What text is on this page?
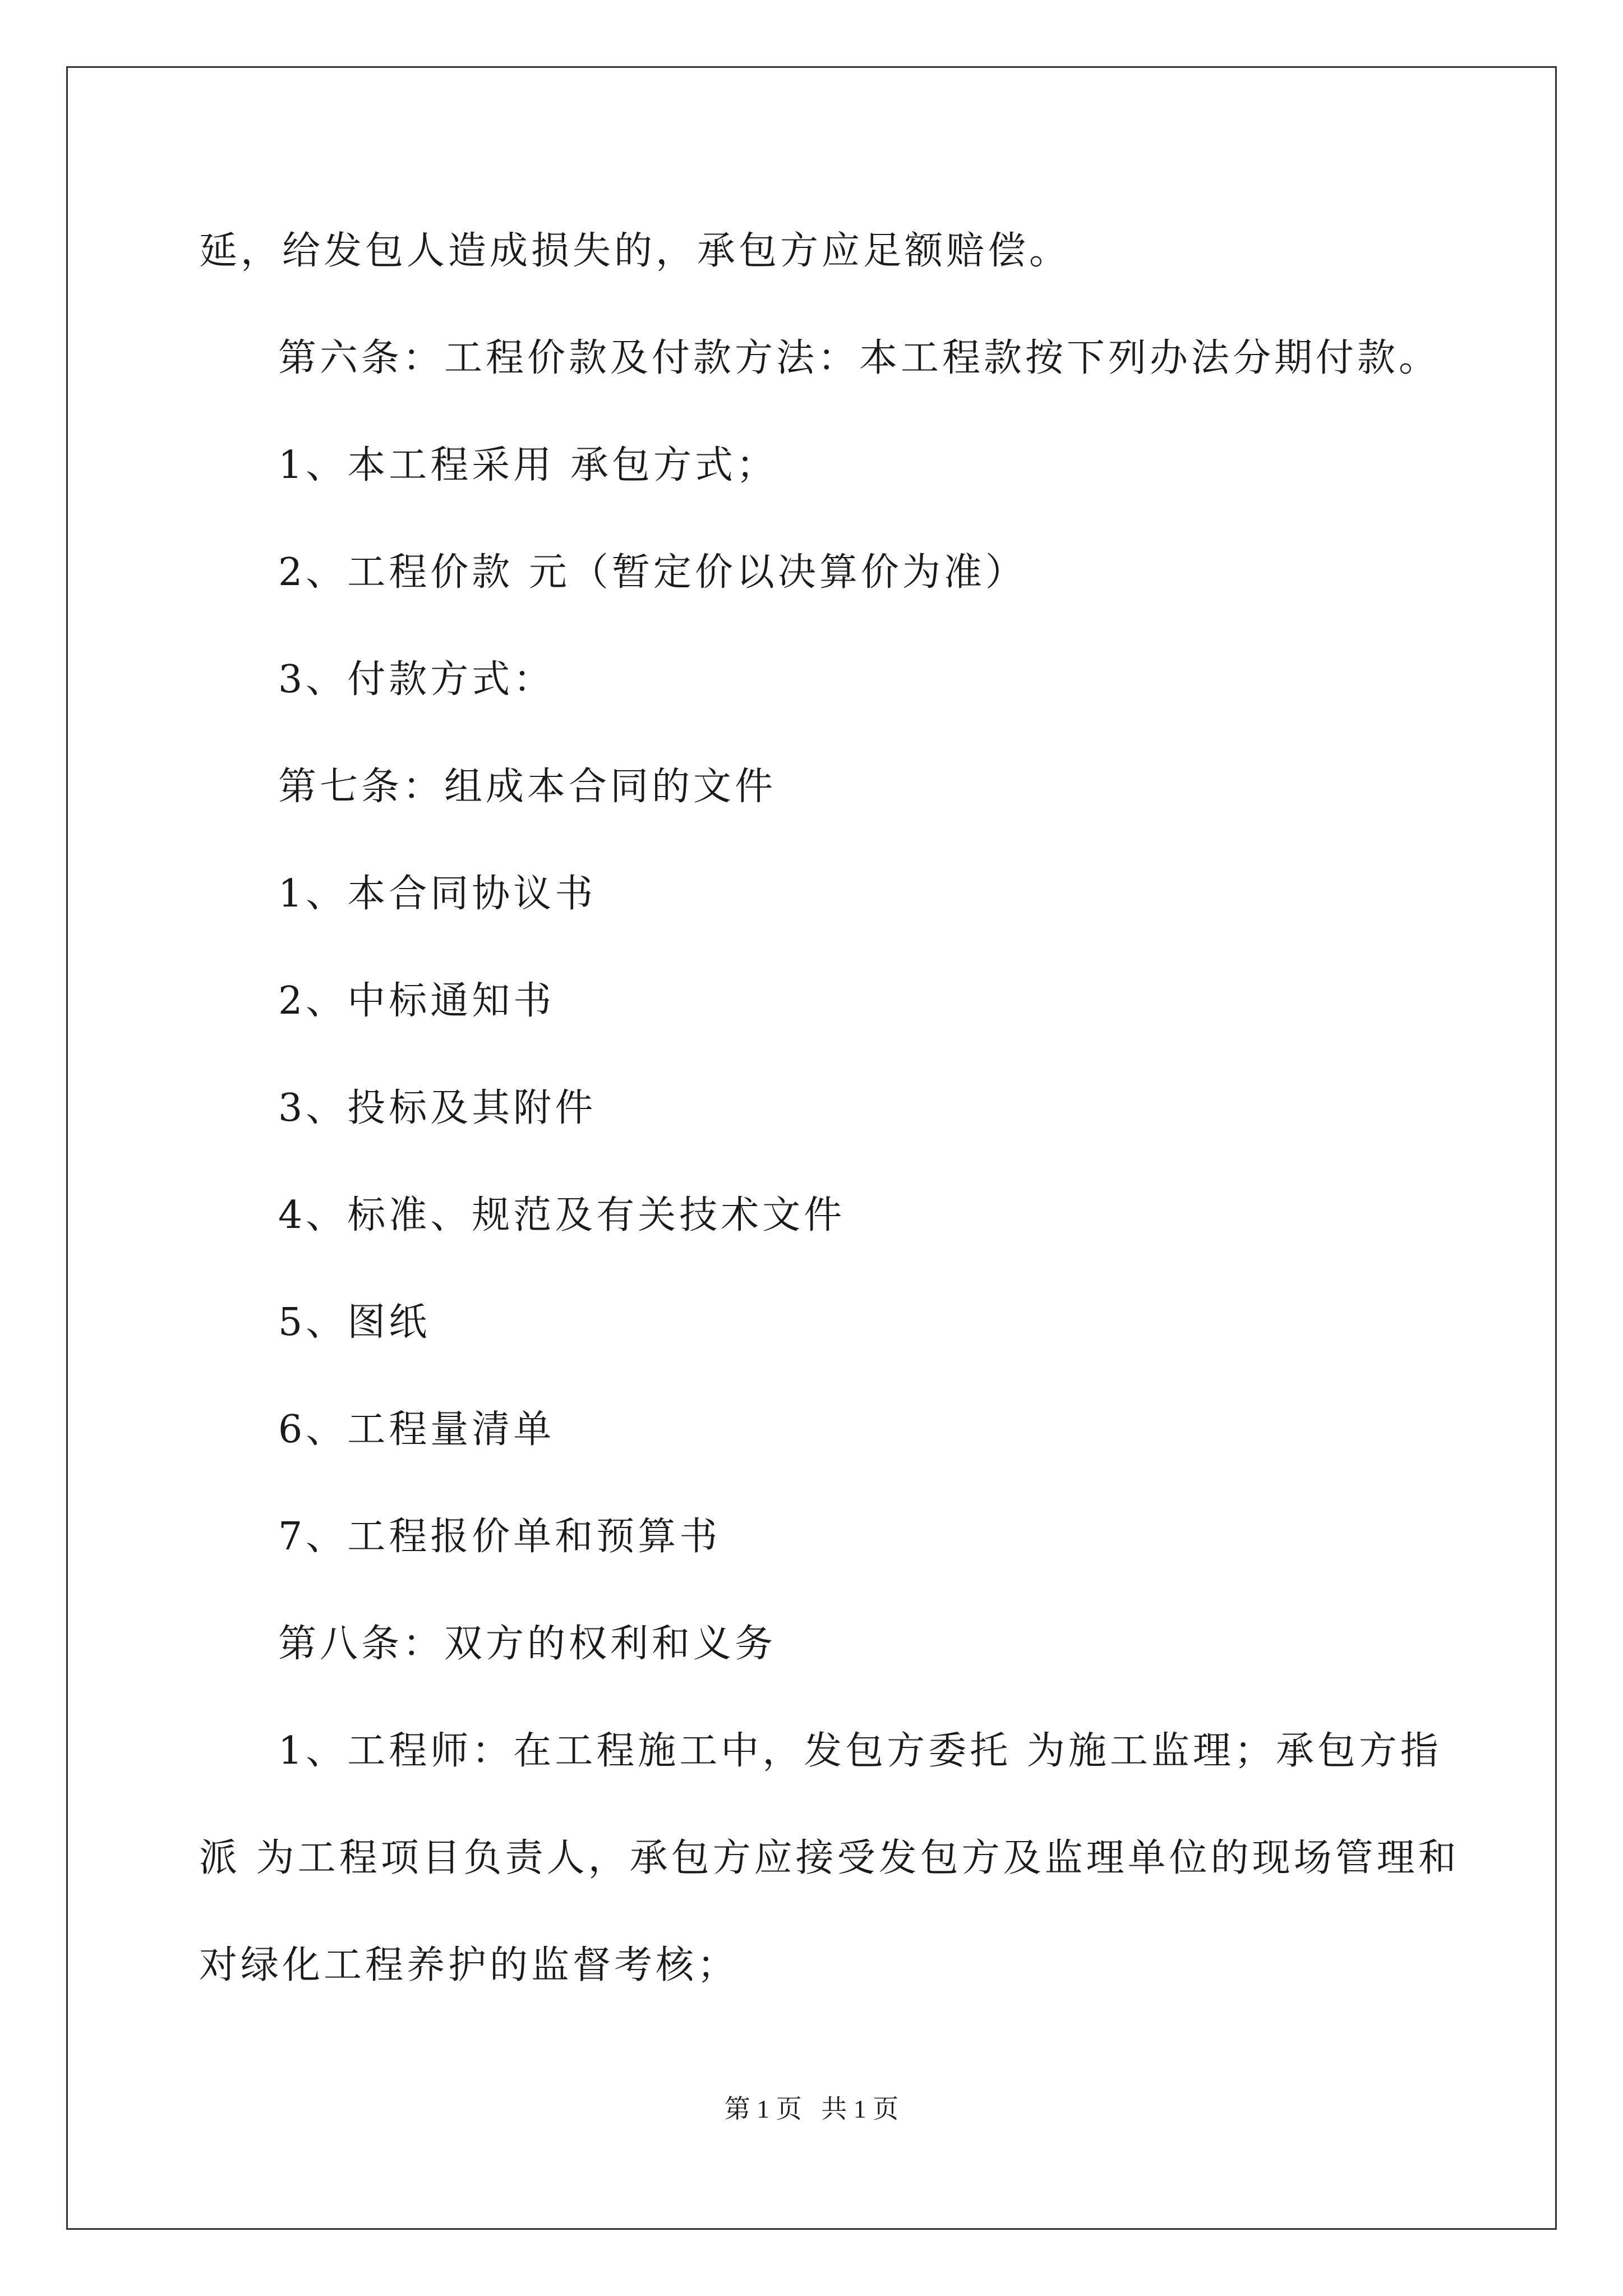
延，给发包人造成损失的，承包方应足额赔偿。
第六条：工程价款及付款方法：本工程款按下列办法分期付款。
1、本工程采用 承包方式；
2、工程价款 元（暂定价以决算价为准）
3、付款方式：
第七条：组成本合同的文件
1、本合同协议书
2、中标通知书
3、投标及其附件
4、标准、规范及有关技术文件
5、图纸
6、工程量清单
7、工程报价单和预算书
第八条：双方的权利和义务
1、工程师：在工程施工中，发包方委托 为施工监理；承包方指
派 为工程项目负责人，承包方应接受发包方及监理单位的现场管理和
对绿化工程养护的监督考核；
第 1 页   共 1 页
